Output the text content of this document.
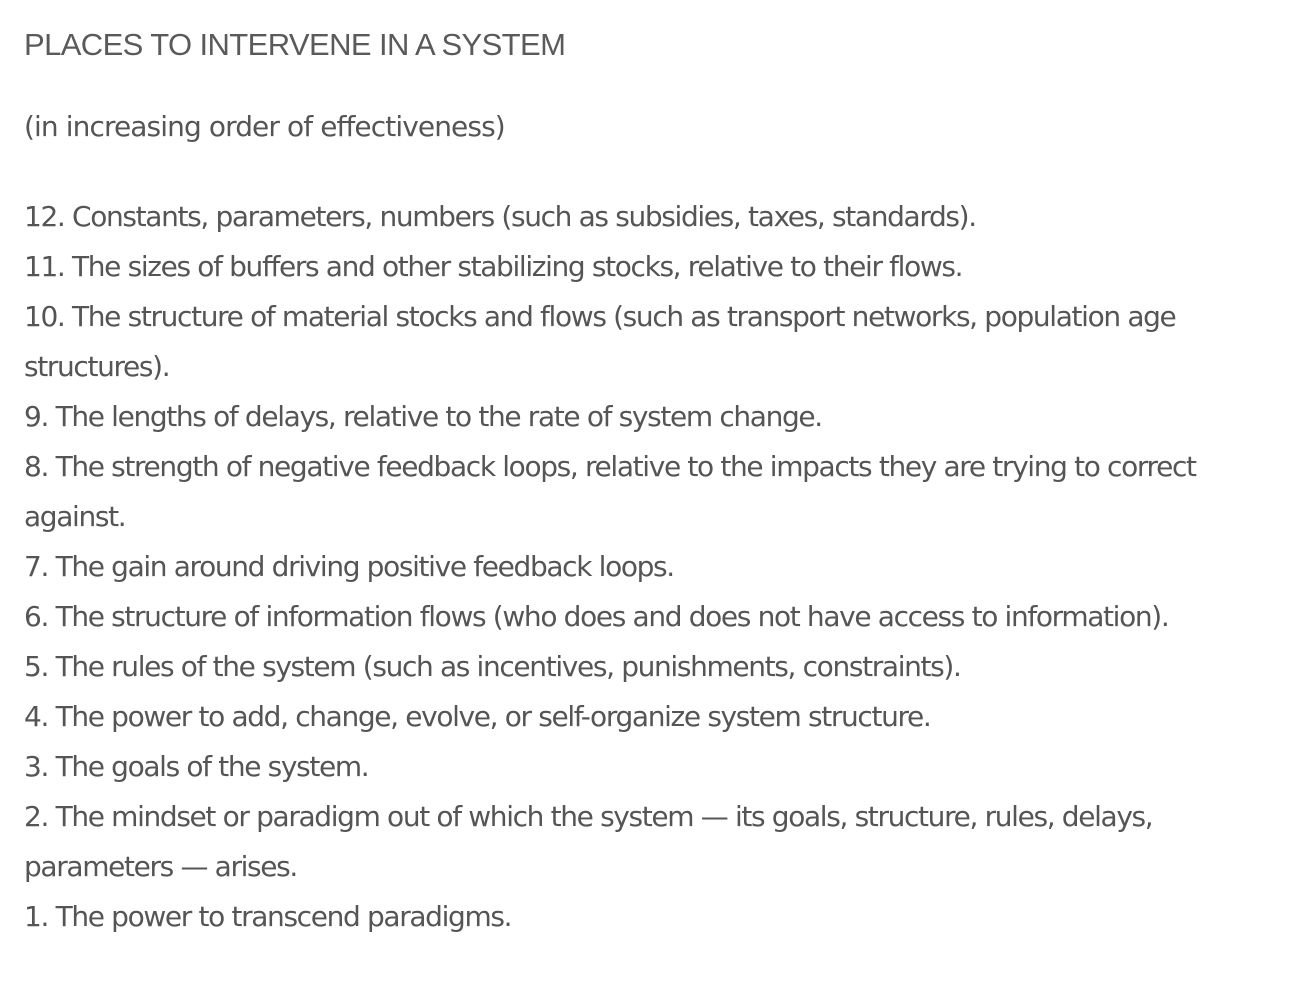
PLACES TO INTERVENE IN A SYSTEM

(in increasing order of effectiveness)

12. Constants, parameters, numbers (such as subsidies, taxes, standards).
11. The sizes of buffers and other stabilizing stocks, relative to their flows.
10. The structure of material stocks and flows (such as transport networks, population age structures).
9. The lengths of delays, relative to the rate of system change.
8. The strength of negative feedback loops, relative to the impacts they are trying to correct against.
7. The gain around driving positive feedback loops.
6. The structure of information flows (who does and does not have access to information).
5. The rules of the system (such as incentives, punishments, constraints).
4. The power to add, change, evolve, or self-organize system structure.
3. The goals of the system.
2. The mindset or paradigm out of which the system — its goals, structure, rules, delays, parameters — arises.
1. The power to transcend paradigms.
